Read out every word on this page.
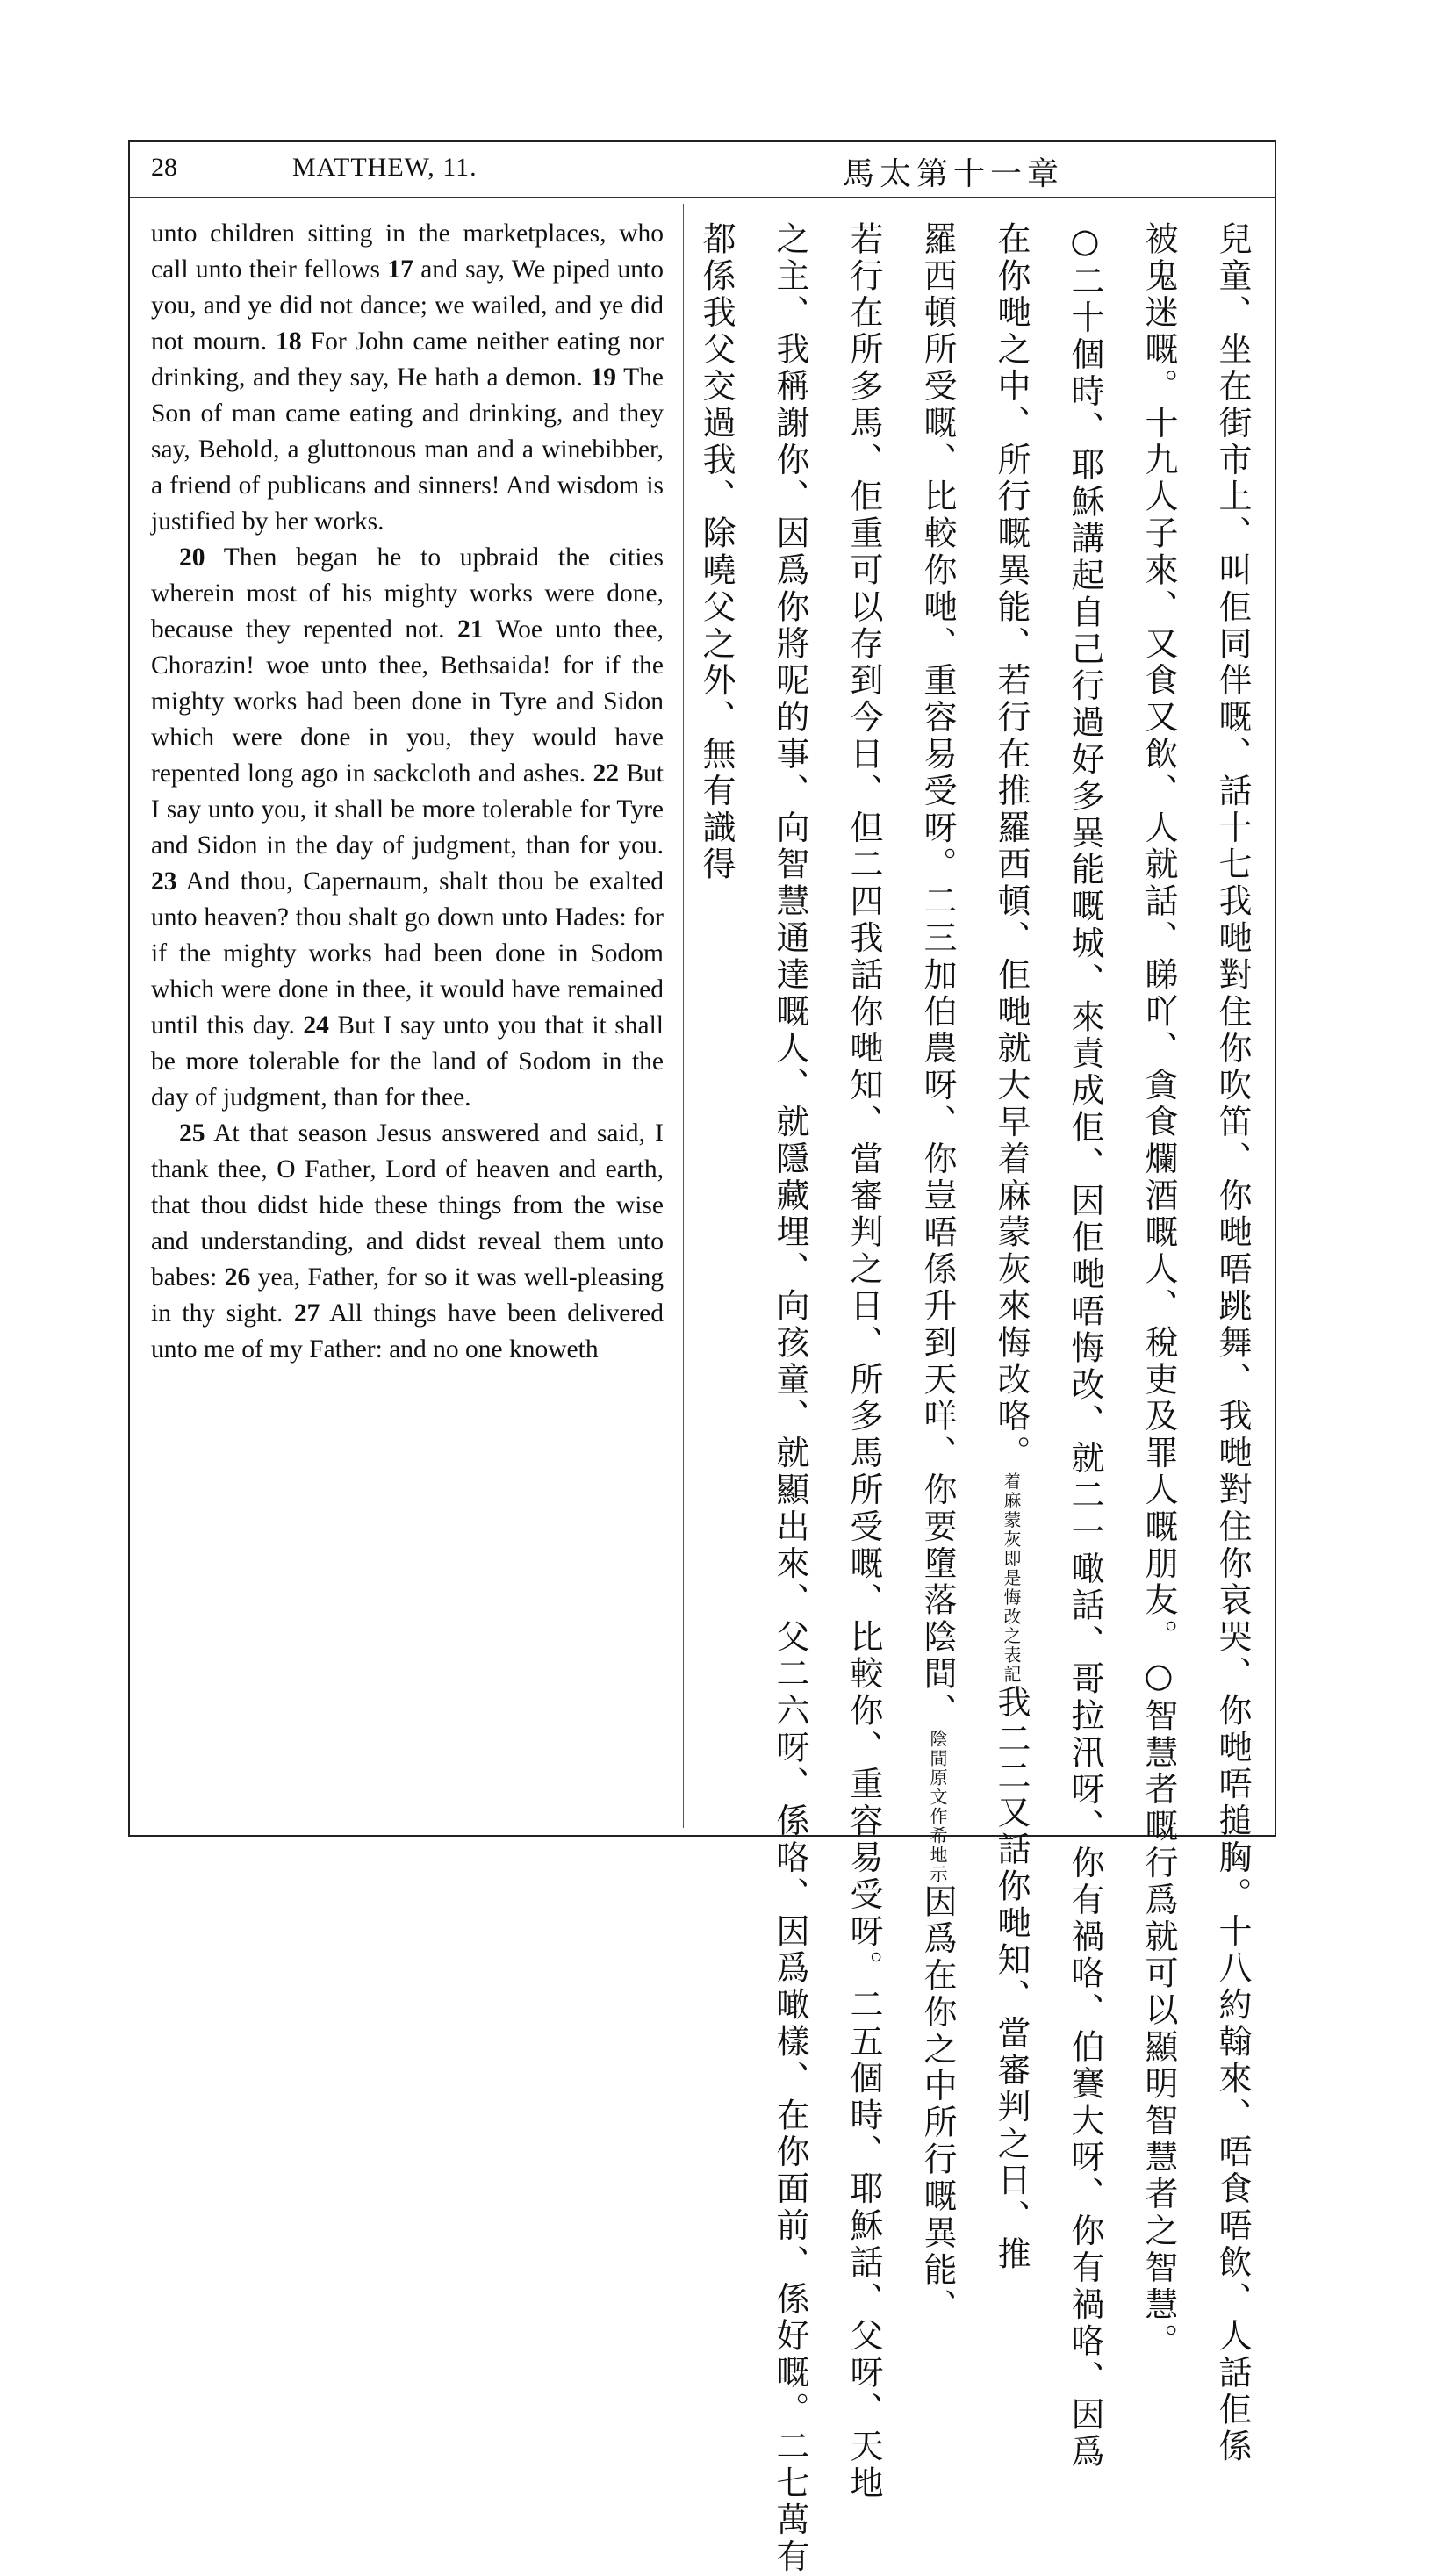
28	MATTHEW, 11.	馬太第十一章

unto children sitting in the marketplaces, who call unto their fellows 17 and say, We piped unto you, and ye did not dance; we wailed, and ye did not mourn. 18 For John came neither eating nor drinking, and they say, He hath a demon. 19 The Son of man came eating and drinking, and they say, Behold, a gluttonous man and a winebibber, a friend of publicans and sinners! And wisdom is justified by her works.

20 Then began he to upbraid the cities wherein most of his mighty works were done, because they repented not. 21 Woe unto thee, Chorazin! woe unto thee, Bethsaida! for if the mighty works had been done in Tyre and Sidon which were done in you, they would have repented long ago in sackcloth and ashes. 22 But I say unto you, it shall be more tolerable for Tyre and Sidon in the day of judgment, than for you. 23 And thou, Capernaum, shalt thou be exalted unto heaven? thou shalt go down unto Hades: for if the mighty works had been done in Sodom which were done in thee, it would have remained until this day. 24 But I say unto you that it shall be more tolerable for the land of Sodom in the day of judgment, than for thee.

25 At that season Jesus answered and said, I thank thee, O Father, Lord of heaven and earth, that thou didst hide these things from the wise and understanding, and didst reveal them unto babes: 26 yea, Father, for so it was well-pleasing in thy sight. 27 All things have been delivered unto me of my Father: and no one knoweth	兒童、坐在街市上、叫佢同伴嘅、話十七我哋對住你吹笛、你哋唔跳舞、我哋對住你哀哭、你哋唔搥胸。十八約翰來、唔食唔飲、人話佢係
被鬼迷嘅。十九人子來、又食又飲、人就話、睇吖、貪食爛酒嘅人、稅吏及罪人嘅朋友。○智慧者嘅行爲就可以顯明智慧者之智慧。
○二十個時、耶穌講起自己行過好多異能嘅城、來責成佢、因佢哋唔悔改、就二一噉話、哥拉汛呀、你有禍咯、伯賽大呀、你有禍咯、因爲
在你哋之中、所行嘅異能、若行在推羅西頓、佢哋就大早着麻蒙灰來悔改咯。着麻蒙灰即是悔改之表記我二二又話你哋知、當審判之日、推
羅西頓所受嘅、比較你哋、重容易受呀。二三加伯農呀、你豈唔係升到天咩、你要墮落陰間、陰間原文作希地示因爲在你之中所行嘅異能、
若行在所多馬、佢重可以存到今日、但二四我話你哋知、當審判之日、所多馬所受嘅、比較你、重容易受呀。二五個時、耶穌話、父呀、天地
之主、我稱謝你、因爲你將呢的事、向智慧通達嘅人、就隱藏埋、向孩童、就顯出來、父二六呀、係咯、因爲噉樣、在你面前、係好嘅。二七萬有
都係我父交過我、除嘵父之外、無有識得
